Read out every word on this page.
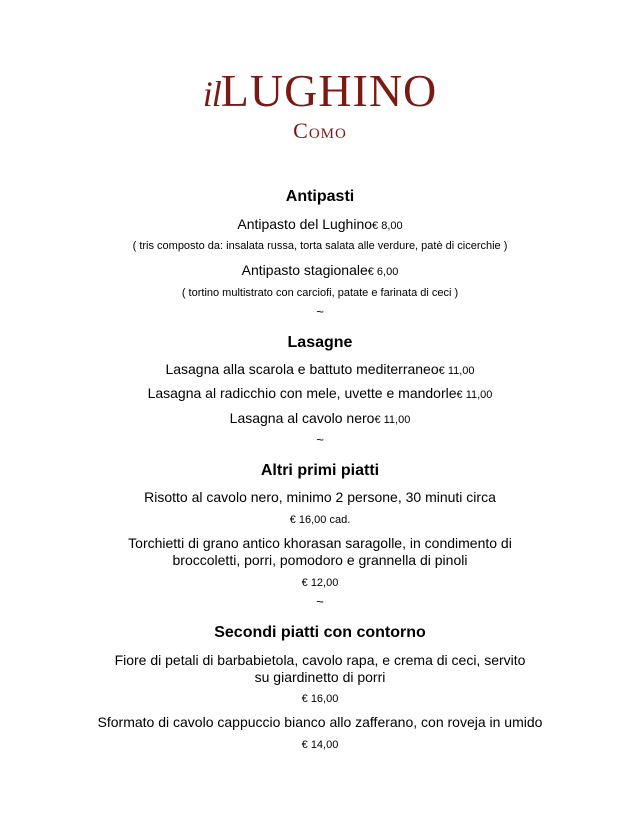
ilLUGHINO
Como
Antipasti
Antipasto del Lughino€ 8,00
( tris composto da: insalata russa, torta salata alle verdure, patè di cicerchie )
Antipasto stagionale€ 6,00
( tortino multistrato con carciofi, patate e farinata di ceci )
~
Lasagne
Lasagna alla scarola e battuto mediterraneo€ 11,00
Lasagna al radicchio con mele, uvette e mandorle€ 11,00
Lasagna al cavolo nero€ 11,00
~
Altri primi piatti
Risotto al cavolo nero, minimo 2 persone, 30 minuti circa
€ 16,00 cad.
Torchietti di grano antico khorasan saragolle, in condimento di
broccoletti, porri, pomodoro e grannella di pinoli
€ 12,00
~
Secondi piatti con contorno
Fiore di petali di barbabietola, cavolo rapa, e crema di ceci, servito
su giardinetto di porri
€ 16,00
Sformato di cavolo cappuccio bianco allo zafferano, con roveja in umido
€ 14,00
